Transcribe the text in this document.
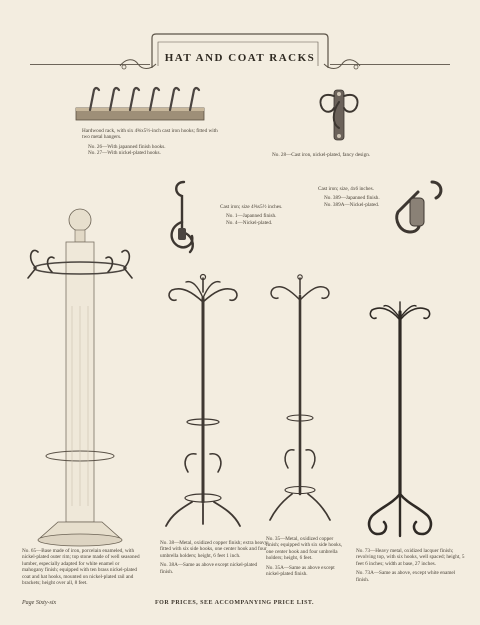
HAT AND COAT RACKS

Hardwood rack, with six 4⅝x5½-inch cast iron hooks; fitted with two metal hangers.

No. 26—With japanned finish hooks.

No. 27—With nickel-plated hooks.	No. 28—Cast iron, nickel-plated, fancy design.

Cast iron; size 4⅝x5½ inches.

No. 1—Japanned finish.

No. 4—Nickel-plated.

Cast iron; size, 4x6 inches.

No. 389—Japanned finish.

No. 389A—Nickel-plated.

No. 65—Base made of iron, porcelain enameled, with nickel-plated outer rim; top stone made of well seasoned lumber, especially adapted for white enamel or mahogany finish; equipped with ten brass nickel-plated coat and hat hooks, mounted on nickel-plated rail and brackets; height over all, 8 feet.

No. 38—Metal, oxidized copper finish; extra heavy; fitted with six side hooks, one center hook and four umbrella holders; height, 6 feet 1 inch.

No. 38A—Same as above except nickel-plated finish.

No. 35—Metal, oxidized copper finish; equipped with six side hooks, one center hook and four umbrella holders; height, 6 feet.

No. 35A—Same as above except nickel-plated finish.

No. 73—Heavy metal, oxidized lacquer finish; revolving top, with six hooks, well spaced; height, 5 feet 6 inches; width at base, 27 inches.

No. 73A—Same as above, except white enamel finish.

Page Sixty-six	FOR PRICES, SEE ACCOMPANYING PRICE LIST.
